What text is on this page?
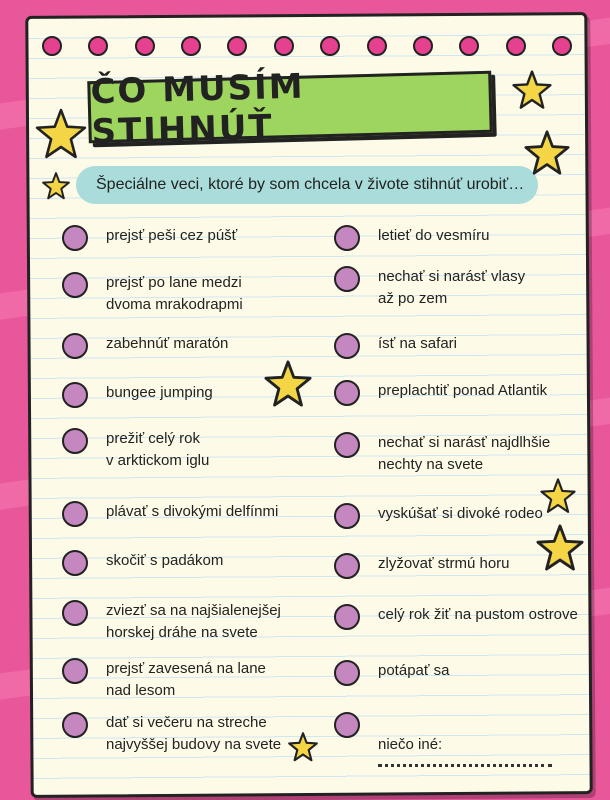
ČO MUSÍM STIHNÚŤ
Špeciálne veci, ktoré by som chcela v živote stihnúť urobiť…
prejsť peši cez púšť
prejsť po lane medzi
dvoma mrakodrapmi
zabehnúť maratón
bungee jumping
prežiť celý rok
v arktickom iglu
plávať s divokými delfínmi
skočiť s padákom
zviezť sa na najšialenejšej
horskej dráhe na svete
prejsť zavesená na lane
nad lesom
dať si večeru na streche
najvyššej budovy na svete
letieť do vesmíru
nechať si narásť vlasy
až po zem
ísť na safari
preplachtiť ponad Atlantik
nechať si narásť najdlhšie
nechty na svete
vyskúšať si divoké rodeo
zlyžovať strmú horu
celý rok žiť na pustom ostrove
potápať sa

niečo iné:
